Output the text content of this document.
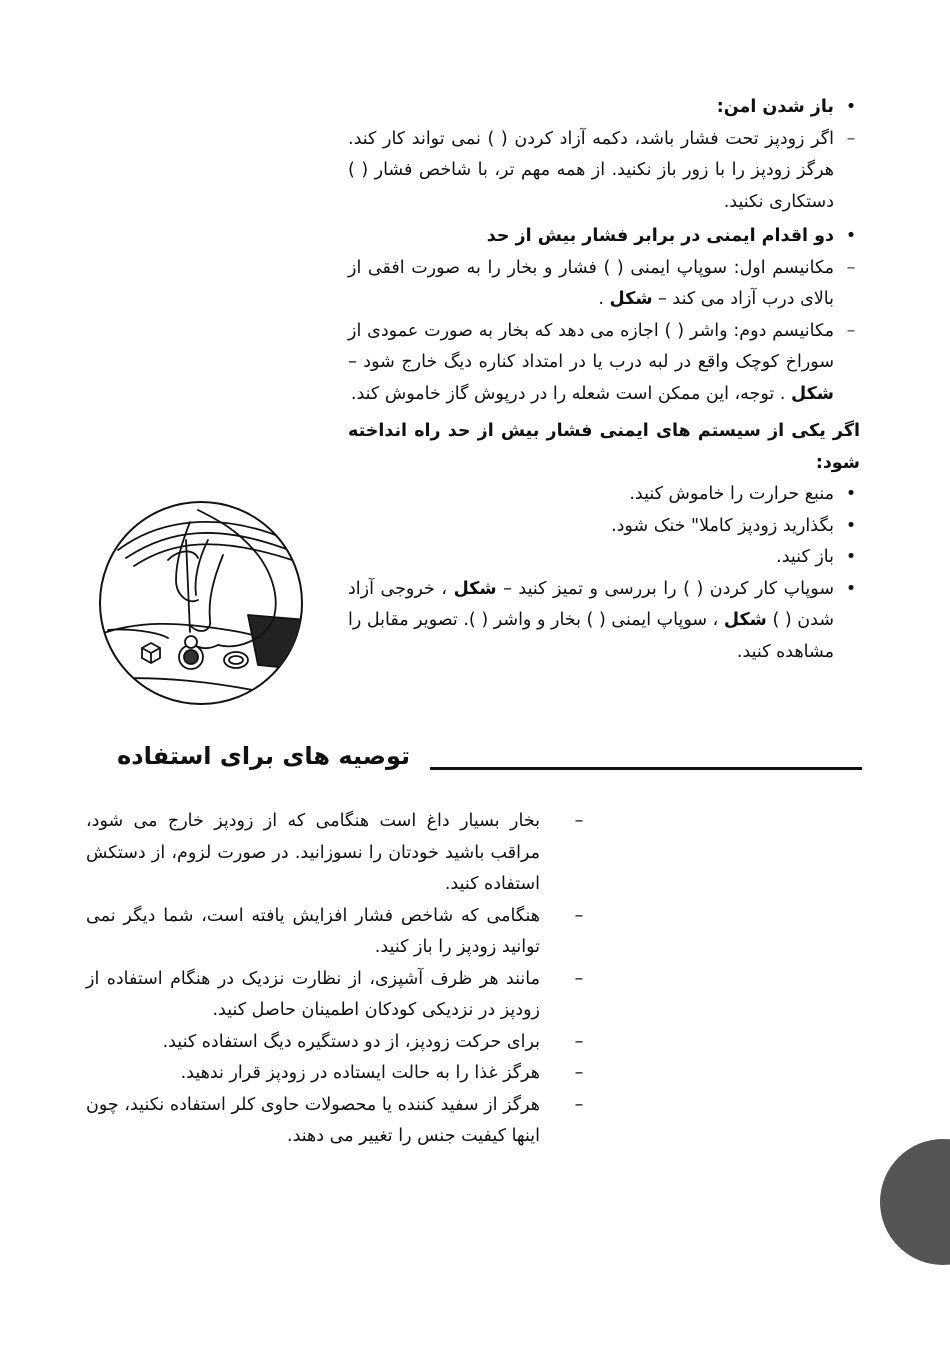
•
باز شدن امن:
–
اگر زودپز تحت فشار باشد، دکمه آزاد کردن ( ) نمی تواند کار کند. هرگز زودپز را با زور باز نکنید. از همه مهم تر، با شاخص فشار ( ) دستکاری نکنید.
•
دو اقدام ایمنی در برابر فشار بیش از حد
–
مکانیسم اول: سوپاپ ایمنی ( ) فشار و بخار را به صورت افقی از بالای درب آزاد می کند – شکل .
–
مکانیسم دوم: واشر ( ) اجازه می دهد که بخار به صورت عمودی از سوراخ کوچک واقع در لبه درب یا در امتداد کناره دیگ خارج شود – شکل . توجه، این ممکن است شعله را در درپوش گاز خاموش کند.
اگر یکی از سیستم های ایمنی فشار بیش از حد راه انداخته شود:
•
منبع حرارت را خاموش کنید.
•
بگذارید زودپز کاملا" خنک شود.
•
باز کنید.
•
سوپاپ کار کردن ( ) را بررسی و تمیز کنید – شکل ، خروجی آزاد شدن ( ) شکل ، سوپاپ ایمنی ( ) بخار و واشر ( ). تصویر مقابل را مشاهده کنید.
توصیه های برای استفاده
–
بخار بسیار داغ است هنگامی که از زودپز خارج می شود، مراقب باشید خودتان را نسوزانید. در صورت لزوم، از دستکش استفاده کنید.
–
هنگامی که شاخص فشار افزایش یافته است، شما دیگر نمی توانید زودپز را باز کنید.
–
مانند هر ظرف آشپزی، از نظارت نزدیک در هنگام استفاده از زودپز در نزدیکی کودکان اطمینان حاصل کنید.
–
برای حرکت زودپز، از دو دستگیره دیگ استفاده کنید.
–
هرگز غذا را به حالت ایستاده در زودپز قرار ندهید.
–
هرگز از سفید کننده یا محصولات حاوی کلر استفاده نکنید، چون اینها کیفیت جنس را تغییر می دهند.
